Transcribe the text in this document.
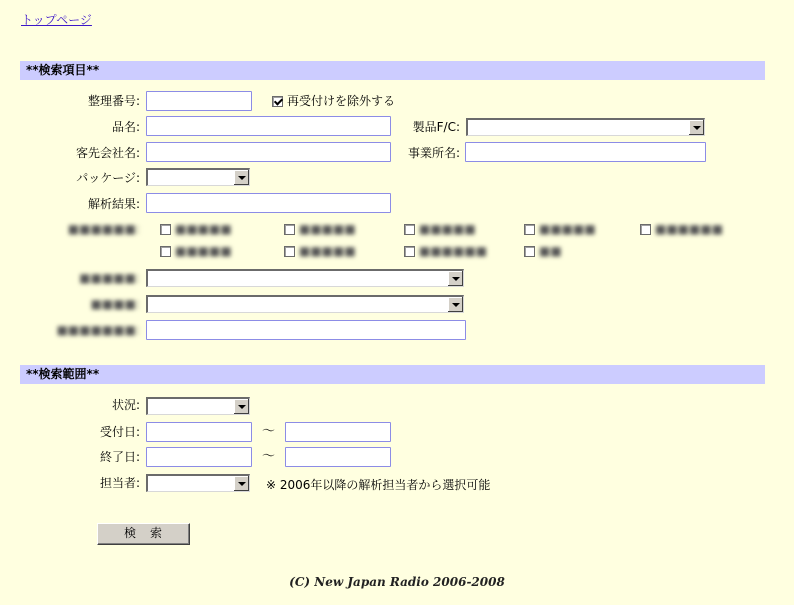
トップページ
**検索項目**
整理番号:	再受付けを除外する
品名:	製品F/C:
客先会社名:	事業所名:
パッケージ:
解析結果:
■■■■■■:	■■■■■	■■■■■	■■■■■	■■■■■	■■■■■■
■■■■■	■■■■■	■■■■■■	■■
■■■■■:
■■■■:
■■■■■■■:
**検索範囲**
状況:
受付日:	～
終了日:	～
担当者:	※ 2006年以降の解析担当者から選択可能
検　索
(C) New Japan Radio 2006-2008
